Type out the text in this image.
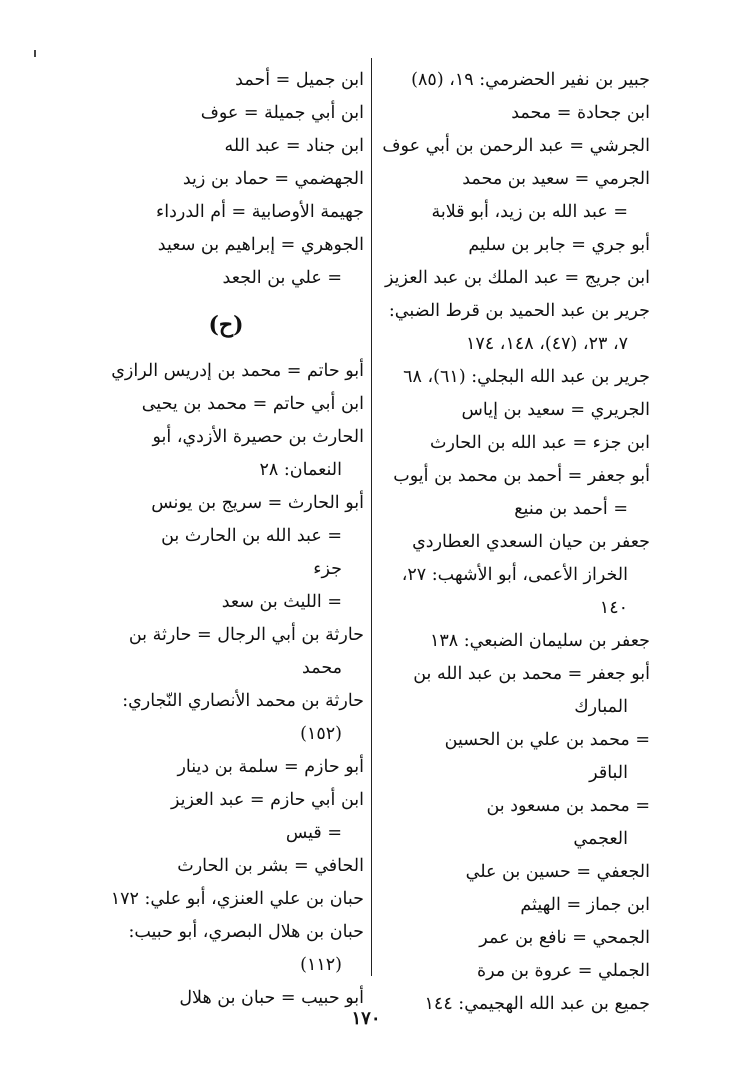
جبير بن نفير الحضرمي: ١٩، (٨٥)
ابن جحادة = محمد
الجرشي = عبد الرحمن بن أبي عوف
الجرمي = سعيد بن محمد
= عبد الله بن زيد، أبو قلابة
أبو جري = جابر بن سليم
ابن جريج = عبد الملك بن عبد العزيز
جرير بن عبد الحميد بن قرط الضبي:
٧، ٢٣، (٤٧)، ١٤٨، ١٧٤
جرير بن عبد الله البجلي: (٦١)، ٦٨
الجريري = سعيد بن إياس
ابن جزء = عبد الله بن الحارث
أبو جعفر = أحمد بن محمد بن أيوب
= أحمد بن منيع
جعفر بن حيان السعدي العطاردي
الخراز الأعمى، أبو الأشهب: ٢٧،
١٤٠
جعفر بن سليمان الضبعي: ١٣٨
أبو جعفر = محمد بن عبد الله بن
المبارك
= محمد بن علي بن الحسين
الباقر
= محمد بن مسعود بن
العجمي
الجعفي = حسين بن علي
ابن جماز = الهيثم
الجمحي = نافع بن عمر
الجملي = عروة بن مرة
جميع بن عبد الله الهجيمي: ١٤٤
ابن جميل = أحمد
ابن أبي جميلة = عوف
ابن جناد = عبد الله
الجهضمي = حماد بن زيد
جهيمة الأوصابية = أم الدرداء
الجوهري = إبراهيم بن سعيد
= علي بن الجعد
(ح)
أبو حاتم = محمد بن إدريس الرازي
ابن أبي حاتم = محمد بن يحيى
الحارث بن حصيرة الأزدي، أبو
النعمان: ٢٨
أبو الحارث = سريج بن يونس
= عبد الله بن الحارث بن
جزء
= الليث بن سعد
حارثة بن أبي الرجال = حارثة بن
محمد
حارثة بن محمد الأنصاري النّجاري:
(١٥٢)
أبو حازم = سلمة بن دينار
ابن أبي حازم = عبد العزيز
= قيس
الحافي = بشر بن الحارث
حبان بن علي العنزي، أبو علي: ١٧٢
حبان بن هلال البصري، أبو حبيب:
(١١٢)
أبو حبيب = حبان بن هلال
١٧٠
